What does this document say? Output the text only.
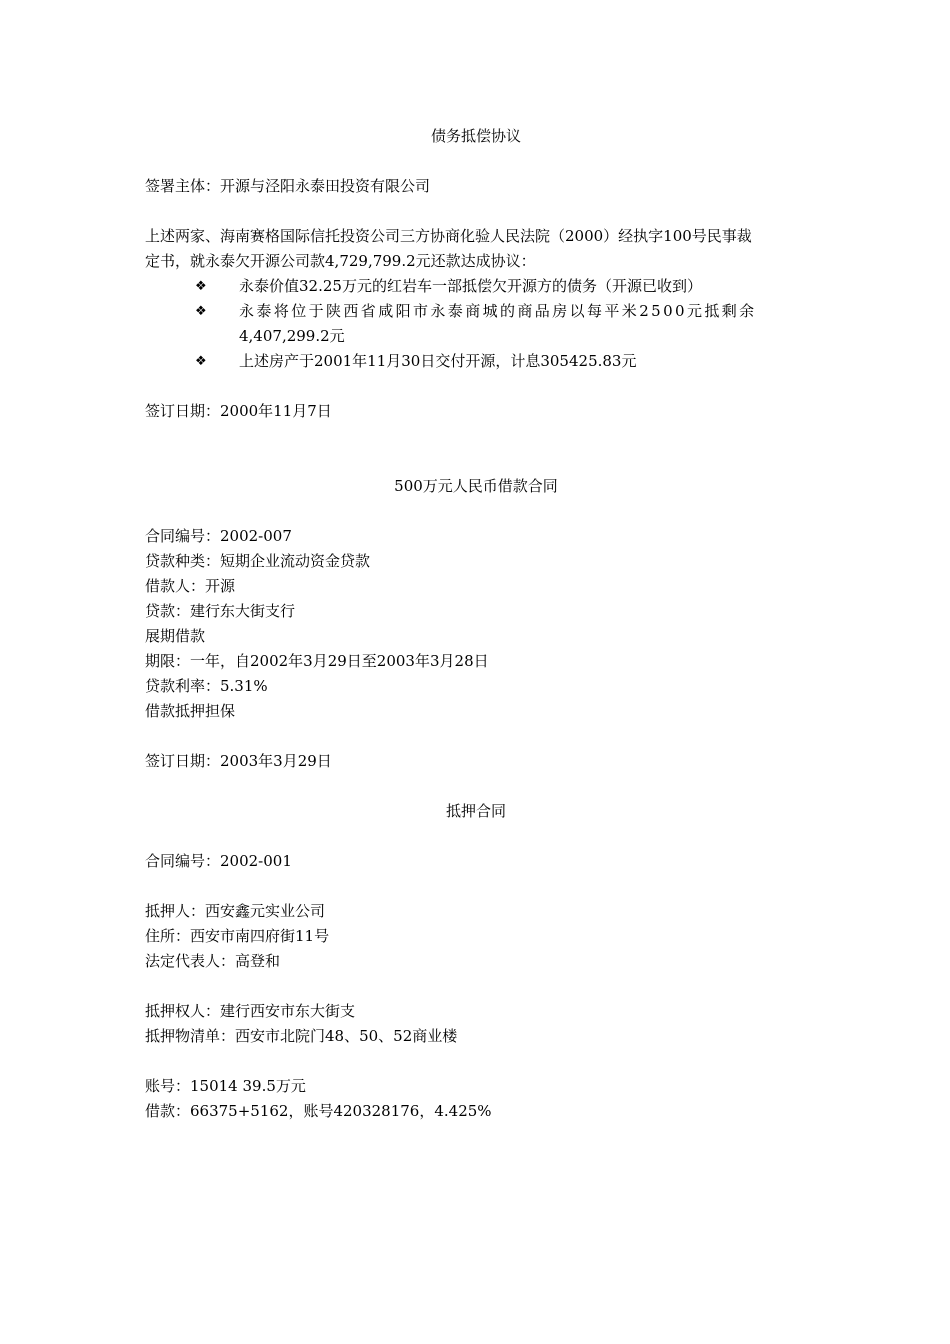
债务抵偿协议
签署主体：开源与泾阳永泰田投资有限公司
上述两家、海南赛格国际信托投资公司三方协商化验人民法院（2000）经执字100号民事裁
定书，就永泰欠开源公司款4,729,799.2元还款达成协议：
❖	永泰价值32.25万元的红岩车一部抵偿欠开源方的债务（开源已收到）
❖	永泰将位于陕西省咸阳市永泰商城的商品房以每平米2500元抵剩余
4,407,299.2元
❖	上述房产于2001年11月30日交付开源，计息305425.83元
签订日期：2000年11月7日
500万元人民币借款合同
合同编号：2002-007
贷款种类：短期企业流动资金贷款
借款人：开源
贷款：建行东大街支行
展期借款
期限：一年，自2002年3月29日至2003年3月28日
贷款利率：5.31%
借款抵押担保
签订日期：2003年3月29日
抵押合同
合同编号：2002-001
抵押人：西安鑫元实业公司
住所：西安市南四府街11号
法定代表人：高登和
抵押权人：建行西安市东大街支
抵押物清单：西安市北院门48、50、52商业楼
账号：15014 39.5万元
借款：66375+5162，账号420328176，4.425%
